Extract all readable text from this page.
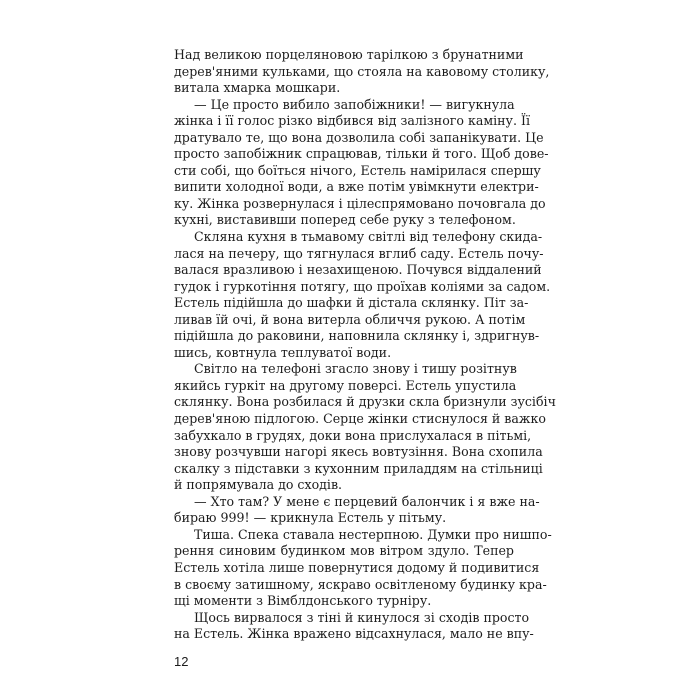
Над великою порцеляновою тарілкою з брунатними
дерев'яними кульками, що стояла на кавовому столику,
витала хмарка мошкари.
— Це просто вибило запобіжники! — вигукнула
жінка і її голос різко відбився від залізного каміну. Її
дратувало те, що вона дозволила собі запанікувати. Це
просто запобіжник спрацював, тільки й того. Щоб дове-
сти собі, що боїться нічого, Естель намірилася спершу
випити холодної води, а вже потім увімкнути електри-
ку. Жінка розвернулася і цілеспрямовано почовгала до
кухні, виставивши поперед себе руку з телефоном.
Скляна кухня в тьмавому світлі від телефону скида-
лася на печеру, що тягнулася вглиб саду. Естель почу-
валася вразливою і незахищеною. Почувся віддалений
гудок і гуркотіння потягу, що проїхав коліями за садом.
Естель підійшла до шафки й дістала склянку. Піт за-
ливав їй очі, й вона витерла обличчя рукою. А потім
підійшла до раковини, наповнила склянку і, здригнув-
шись, ковтнула теплуватої води.
Світло на телефоні згасло знову і тишу розітнув
якийсь гуркіт на другому поверсі. Естель упустила
склянку. Вона розбилася й друзки скла бризнули зусібіч
дерев'яною підлогою. Серце жінки стиснулося й важко
забухкало в грудях, доки вона прислухалася в пітьмі,
знову розчувши нагорі якесь вовтузіння. Вона схопила
скалку з підставки з кухонним приладдям на стільниці
й попрямувала до сходів.
— Хто там? У мене є перцевий балончик і я вже на-
бираю 999! — крикнула Естель у пітьму.
Тиша. Спека ставала нестерпною. Думки про нишпо-
рення синовим будинком мов вітром здуло. Тепер
Естель хотіла лише повернутися додому й подивитися
в своєму затишному, яскраво освітленому будинку кра-
щі моменти з Вімблдонського турніру.
Щось вирвалося з тіні й кинулося зі сходів просто
на Естель. Жінка вражено відсахнулася, мало не впу-
12
